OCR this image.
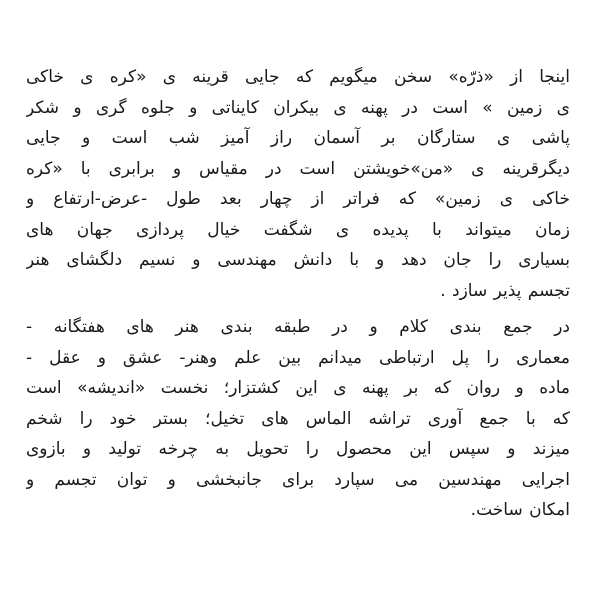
اینجا از «ذرّه» سخن میگویم که جایی قرینه ی «کره ی خاکی
ی زمین » است در پهنه ی بیکران کایناتی و جلوه گری و شکر
پاشی ی ستارگان بر آسمان راز آمیز شب است و جایی
دیگرقرینه ی «من»خویشتن است در مقیاس و برابری با «کره
خاکی ی زمین» که فراتر از چهار بعد طول -عرض-ارتفاع و
زمان میتواند با پدیده ی شگفت خیال پردازی جهان های
بسیاری را جان دهد و با دانش مهندسی و نسیم دلگشای هنر
تجسم پذیر سازد .

در جمع بندی کلام و در طبقه بندی هنر های هفتگانه -
معماری را پل ارتباطی میدانم بین علم وهنر- عشق و عقل -
ماده و روان که بر پهنه ی این کشتزار؛ نخست «اندیشه» است
که با جمع آوری تراشه الماس های تخیل؛ بستر خود را شخم
میزند و سپس این محصول را تحویل به چرخه تولید و بازوی
اجرایی مهندسین می سپارد برای جانبخشی و توان تجسم و
امکان ساخت.
